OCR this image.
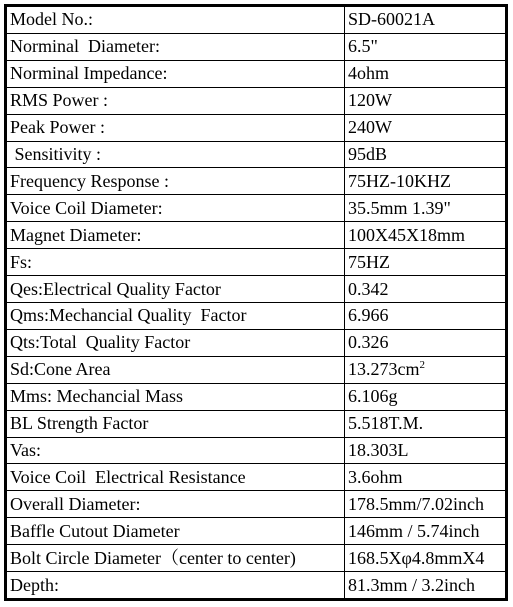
Model No.:	SD-60021A
Norminal  Diameter:	6.5"
Norminal Impedance:	4ohm
RMS Power :	120W
Peak Power :	240W
Sensitivity :	95dB
Frequency Response :	75HZ-10KHZ
Voice Coil Diameter:	35.5mm 1.39"
Magnet Diameter:	100X45X18mm
Fs:	75HZ
Qes:Electrical Quality Factor	0.342
Qms:Mechancial Quality  Factor	6.966
Qts:Total  Quality Factor	0.326
Sd:Cone Area	$13.273cm^2$
Mms: Mechancial Mass	6.106g
BL Strength Factor	5.518T.M.
Vas:	18.303L
Voice Coil  Electrical Resistance	3.6ohm
Overall Diameter:	178.5mm/7.02inch
Baffle Cutout Diameter	146mm / 5.74inch
Bolt Circle Diameter（center to center)	168.5Xφ4.8mmX4
Depth:	81.3mm / 3.2inch
